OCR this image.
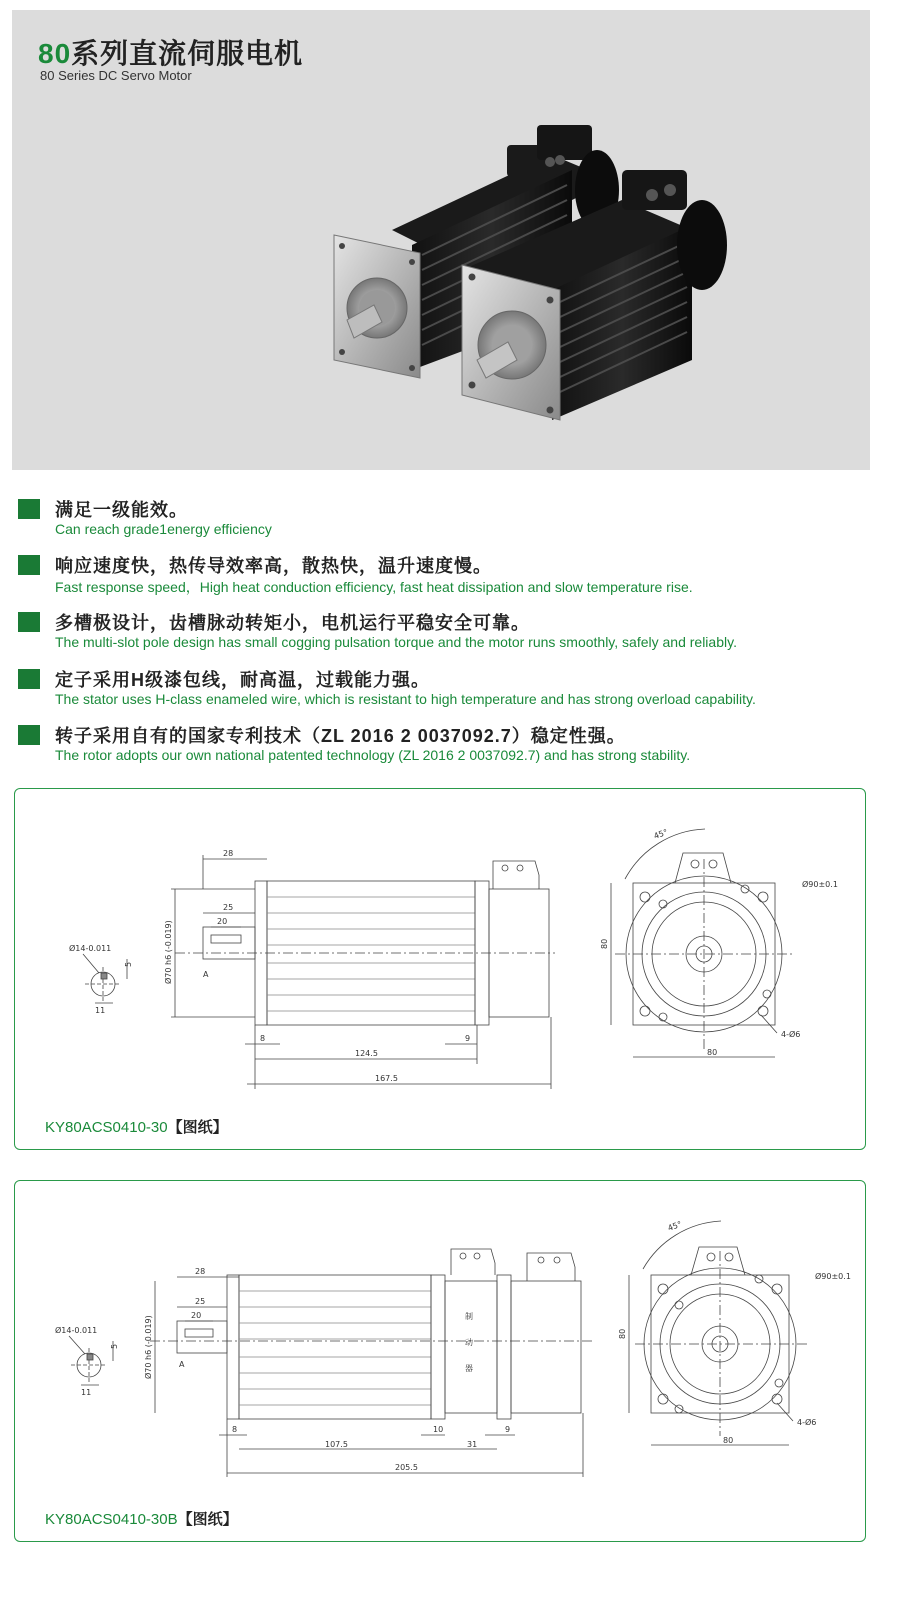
80系列直流伺服电机
80 Series DC Servo Motor
满足一级能效。
Can reach grade1energy efficiency
响应速度快，热传导效率高，散热快，温升速度慢。
Fast response speed，High heat conduction efficiency, fast heat dissipation and slow temperature rise.
多槽极设计，齿槽脉动转矩小，电机运行平稳安全可靠。
The multi-slot pole design has small cogging pulsation torque and the motor runs smoothly, safely and reliably.
定子采用H级漆包线，耐高温，过载能力强。
The stator uses H-class enameled wire, which is resistant to high temperature and has strong overload capability.
转子采用自有的国家专利技术（ZL 2016 2 0037092.7）稳定性强。
The rotor adopts our own national patented technology (ZL 2016 2 0037092.7) and has strong stability.
Ø14-0.011
5
11
28
25
20
Ø70 h6 (-0.019)	A
8	9
124.5
167.5
45°
Ø90±0.1
80
80
4-Ø6
KY80ACS0410-30【图纸】
Ø14-0.011
5
11
28
25
20
Ø70 h6 (-0.019)	A
8	10	9
107.5	31
205.5
制
动
器
45°
Ø90±0.1
80
80
4-Ø6
KY80ACS0410-30B【图纸】
